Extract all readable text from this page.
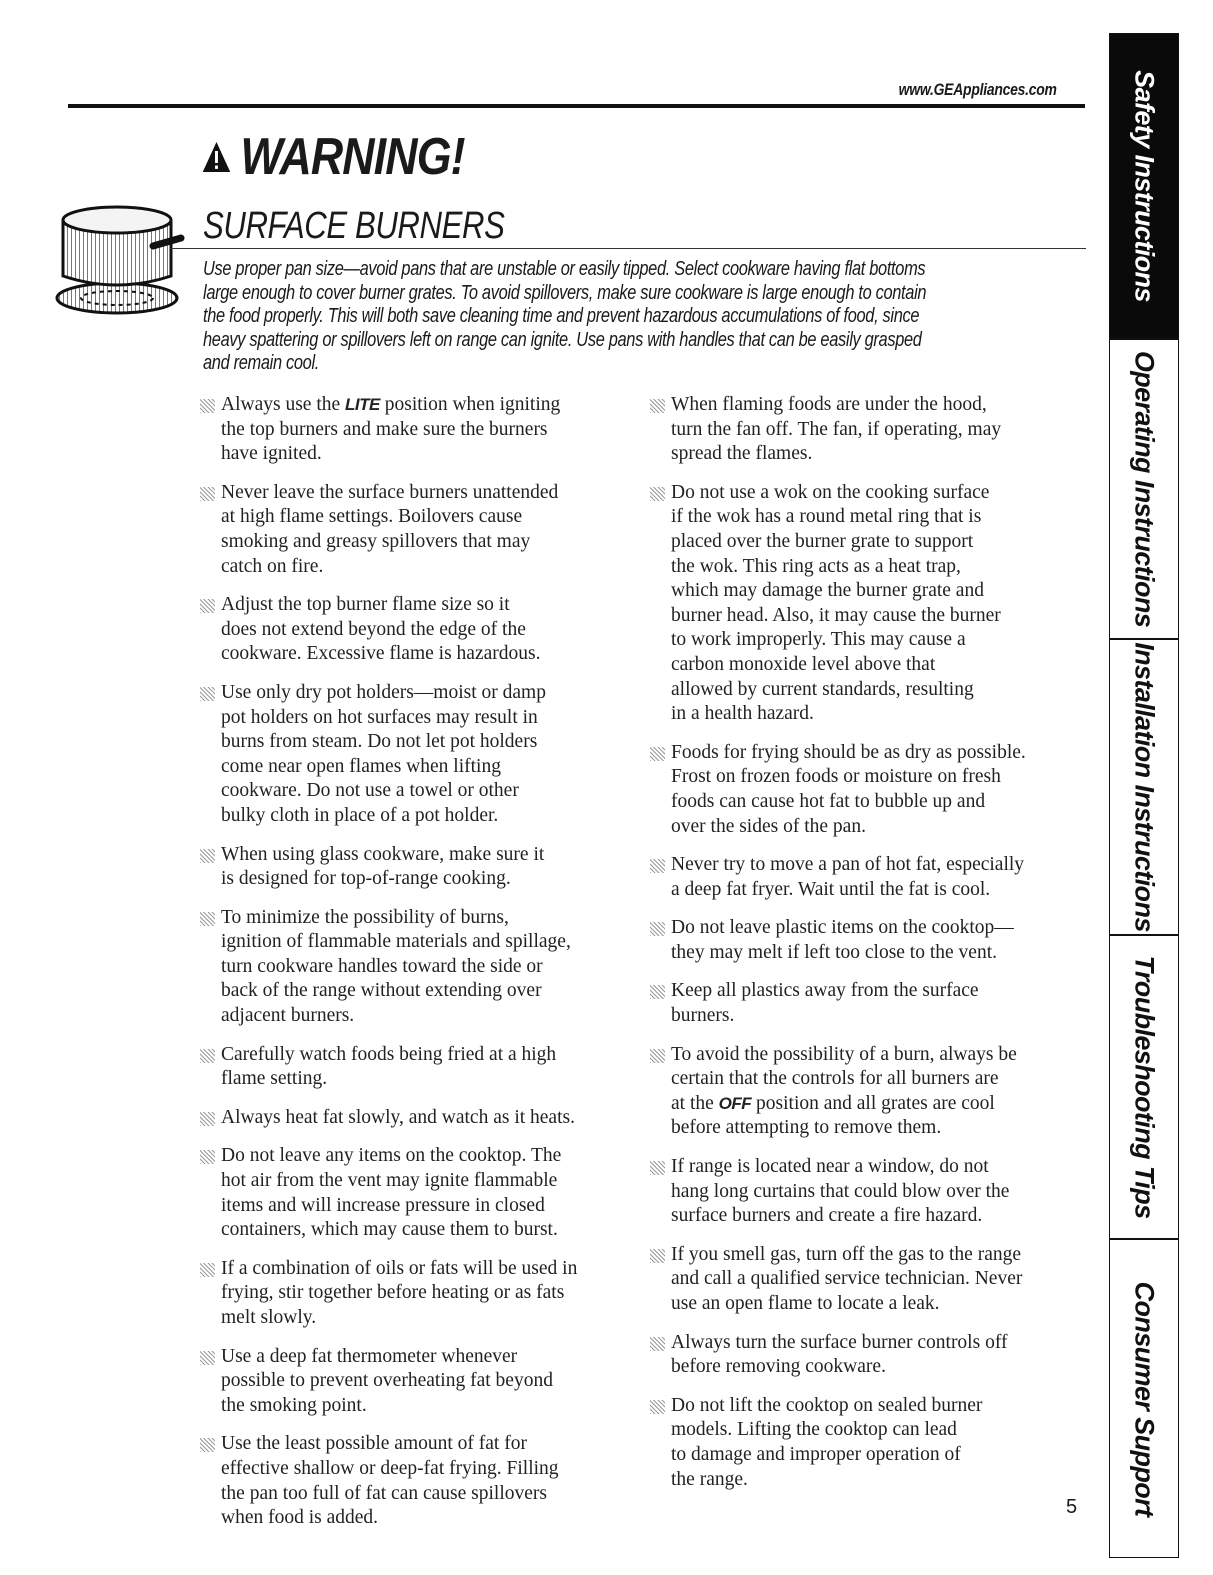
www.GEAppliances.com
WARNING!
SURFACE BURNERS
Use proper pan size—avoid pans that are unstable or easily tipped. Select cookware having flat bottoms
large enough to cover burner grates. To avoid spillovers, make sure cookware is large enough to contain
the food properly. This will both save cleaning time and prevent hazardous accumulations of food, since
heavy spattering or spillovers left on range can ignite. Use pans with handles that can be easily grasped
and remain cool.
Always use the LITE position when igniting
the top burners and make sure the burners
have ignited.
Never leave the surface burners unattended
at high flame settings. Boilovers cause
smoking and greasy spillovers that may
catch on fire.
Adjust the top burner flame size so it
does not extend beyond the edge of the
cookware. Excessive flame is hazardous.
Use only dry pot holders—moist or damp
pot holders on hot surfaces may result in
burns from steam. Do not let pot holders
come near open flames when lifting
cookware. Do not use a towel or other
bulky cloth in place of a pot holder.
When using glass cookware, make sure it
is designed for top-of-range cooking.
To minimize the possibility of burns,
ignition of flammable materials and spillage,
turn cookware handles toward the side or
back of the range without extending over
adjacent burners.
Carefully watch foods being fried at a high
flame setting.
Always heat fat slowly, and watch as it heats.
Do not leave any items on the cooktop. The
hot air from the vent may ignite flammable
items and will increase pressure in closed
containers, which may cause them to burst.
If a combination of oils or fats will be used in
frying, stir together before heating or as fats
melt slowly.
Use a deep fat thermometer whenever
possible to prevent overheating fat beyond
the smoking point.
Use the least possible amount of fat for
effective shallow or deep-fat frying. Filling
the pan too full of fat can cause spillovers
when food is added.
When flaming foods are under the hood,
turn the fan off. The fan, if operating, may
spread the flames.
Do not use a wok on the cooking surface
if the wok has a round metal ring that is
placed over the burner grate to support
the wok. This ring acts as a heat trap,
which may damage the burner grate and
burner head. Also, it may cause the burner
to work improperly. This may cause a
carbon monoxide level above that
allowed by current standards, resulting
in a health hazard.
Foods for frying should be as dry as possible.
Frost on frozen foods or moisture on fresh
foods can cause hot fat to bubble up and
over the sides of the pan.
Never try to move a pan of hot fat, especially
a deep fat fryer. Wait until the fat is cool.
Do not leave plastic items on the cooktop—
they may melt if left too close to the vent.
Keep all plastics away from the surface
burners.
To avoid the possibility of a burn, always be
certain that the controls for all burners are
at the OFF position and all grates are cool
before attempting to remove them.
If range is located near a window, do not
hang long curtains that could blow over the
surface burners and create a fire hazard.
If you smell gas, turn off the gas to the range
and call a qualified service technician. Never
use an open flame to locate a leak.
Always turn the surface burner controls off
before removing cookware.
Do not lift the cooktop on sealed burner
models. Lifting the cooktop can lead
to damage and improper operation of
the range.
5
Safety Instructions
Operating Instructions
Installation Instructions
Troubleshooting Tips
Consumer Support
